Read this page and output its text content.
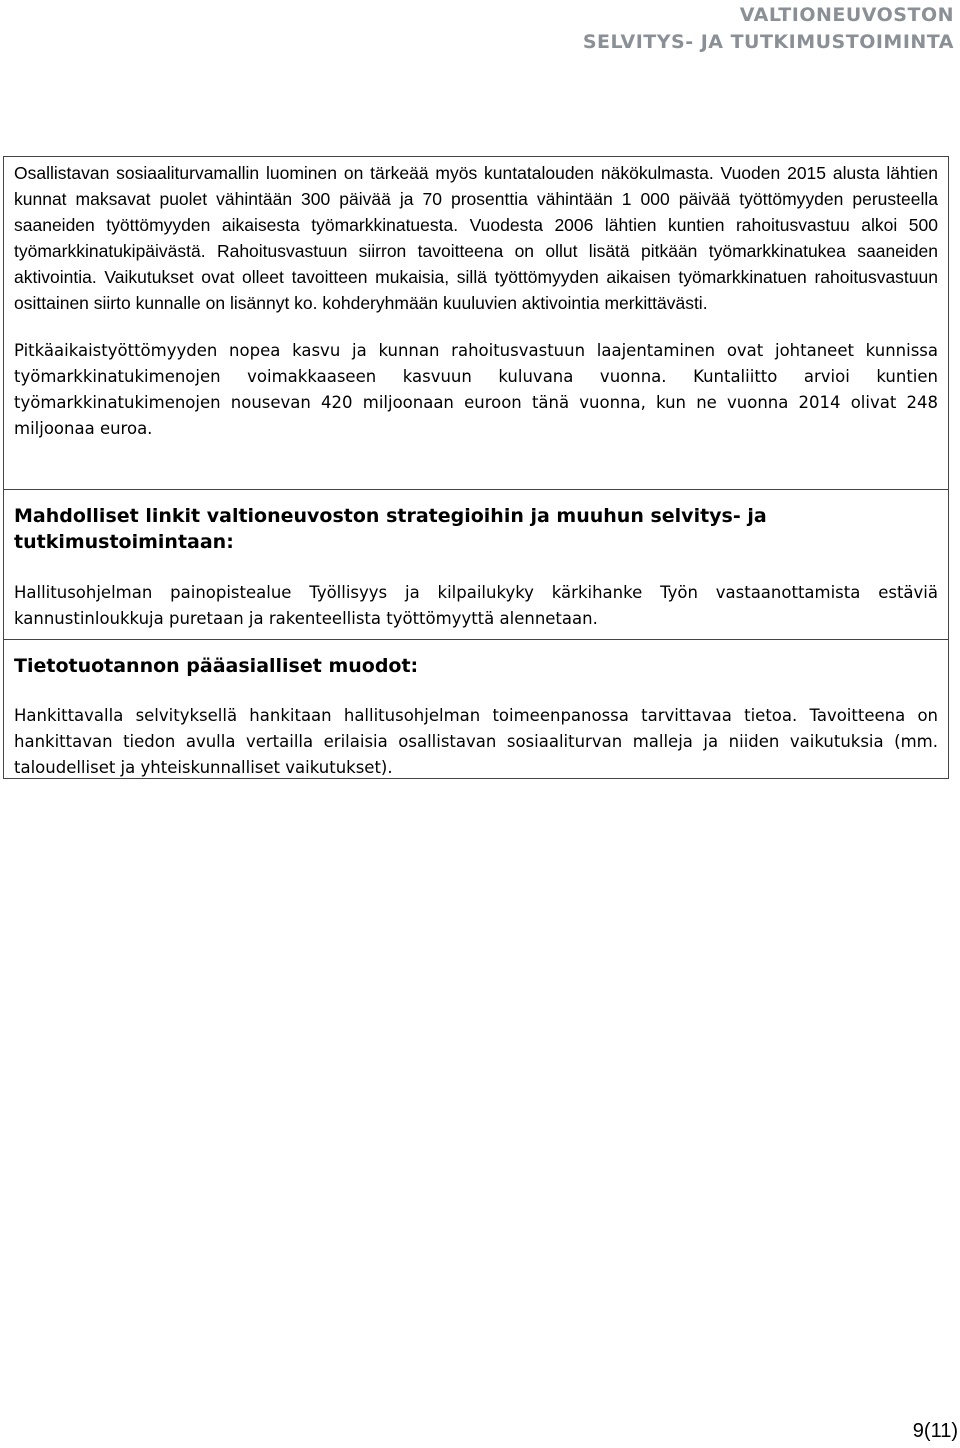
VALTIONEUVOSTON
SELVITYS- JA TUTKIMUSTOIMINTA

Osallistavan sosiaaliturvamallin luominen on tärkeää myös kuntatalouden näkökulmasta. Vuoden 2015 alusta lähtien kunnat maksavat puolet vähintään 300 päivää ja 70 prosenttia vähintään 1 000 päivää työttömyyden perusteella saaneiden työttömyyden aikaisesta työmarkkinatuesta. Vuodesta 2006 lähtien kuntien rahoitusvastuu alkoi 500 työmarkkinatukipäivästä. Rahoitusvastuun siirron tavoitteena on ollut lisätä pitkään työmarkkinatukea saaneiden aktivointia. Vaikutukset ovat olleet tavoitteen mukaisia, sillä työttömyyden aikaisen työmarkkinatuen rahoitusvastuun osittainen siirto kunnalle on lisännyt ko. kohderyhmään kuuluvien aktivointia merkittävästi.

Pitkäaikaistyöttömyyden nopea kasvu ja kunnan rahoitusvastuun laajentaminen ovat johtaneet kunnissa työmarkkinatukimenojen voimakkaaseen kasvuun kuluvana vuonna. Kuntaliitto arvioi kuntien työmarkkinatukimenojen nousevan 420 miljoonaan euroon tänä vuonna, kun ne vuonna 2014 olivat 248 miljoonaa euroa.

Mahdolliset linkit valtioneuvoston strategioihin ja muuhun selvitys- ja tutkimustoimintaan:

Hallitusohjelman painopistealue Työllisyys ja kilpailukyky kärkihanke Työn vastaanottamista estäviä kannustinloukkuja puretaan ja rakenteellista työttömyyttä alennetaan.

Tietotuotannon pääasialliset muodot:

Hankittavalla selvityksellä hankitaan hallitusohjelman toimeenpanossa tarvittavaa tietoa. Tavoitteena on hankittavan tiedon avulla vertailla erilaisia osallistavan sosiaaliturvan malleja ja niiden vaikutuksia (mm. taloudelliset ja yhteiskunnalliset vaikutukset).

9(11)
